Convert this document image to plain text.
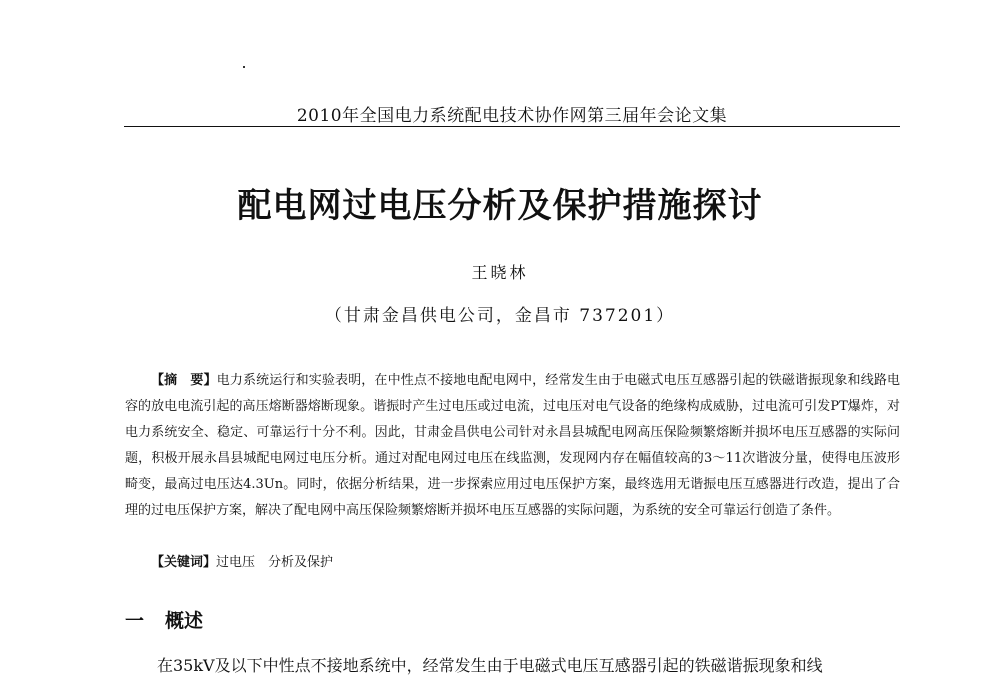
2010年全国电力系统配电技术协作网第三届年会论文集
配电网过电压分析及保护措施探讨
王晓林
（甘肃金昌供电公司，金昌市 737201）
【摘　要】电力系统运行和实验表明，在中性点不接地电配电网中，经常发生由于电磁式电压互感器引起的铁磁谐振现象和线路电容的放电电流引起的高压熔断器熔断现象。谐振时产生过电压或过电流，过电压对电气设备的绝缘构成威胁，过电流可引发PT爆炸，对电力系统安全、稳定、可靠运行十分不利。因此，甘肃金昌供电公司针对永昌县城配电网高压保险频繁熔断并损坏电压互感器的实际问题，积极开展永昌县城配电网过电压分析。通过对配电网过电压在线监测，发现网内存在幅值较高的3～11次谐波分量，使得电压波形畸变，最高过电压达4.3Un。同时，依据分析结果，进一步探索应用过电压保护方案，最终选用无谐振电压互感器进行改造，提出了合理的过电压保护方案，解决了配电网中高压保险频繁熔断并损坏电压互感器的实际问题，为系统的安全可靠运行创造了条件。
【关键词】过电压　分析及保护
一 概述
在35kV及以下中性点不接地系统中，经常发生由于电磁式电压互感器引起的铁磁谐振现象和线
